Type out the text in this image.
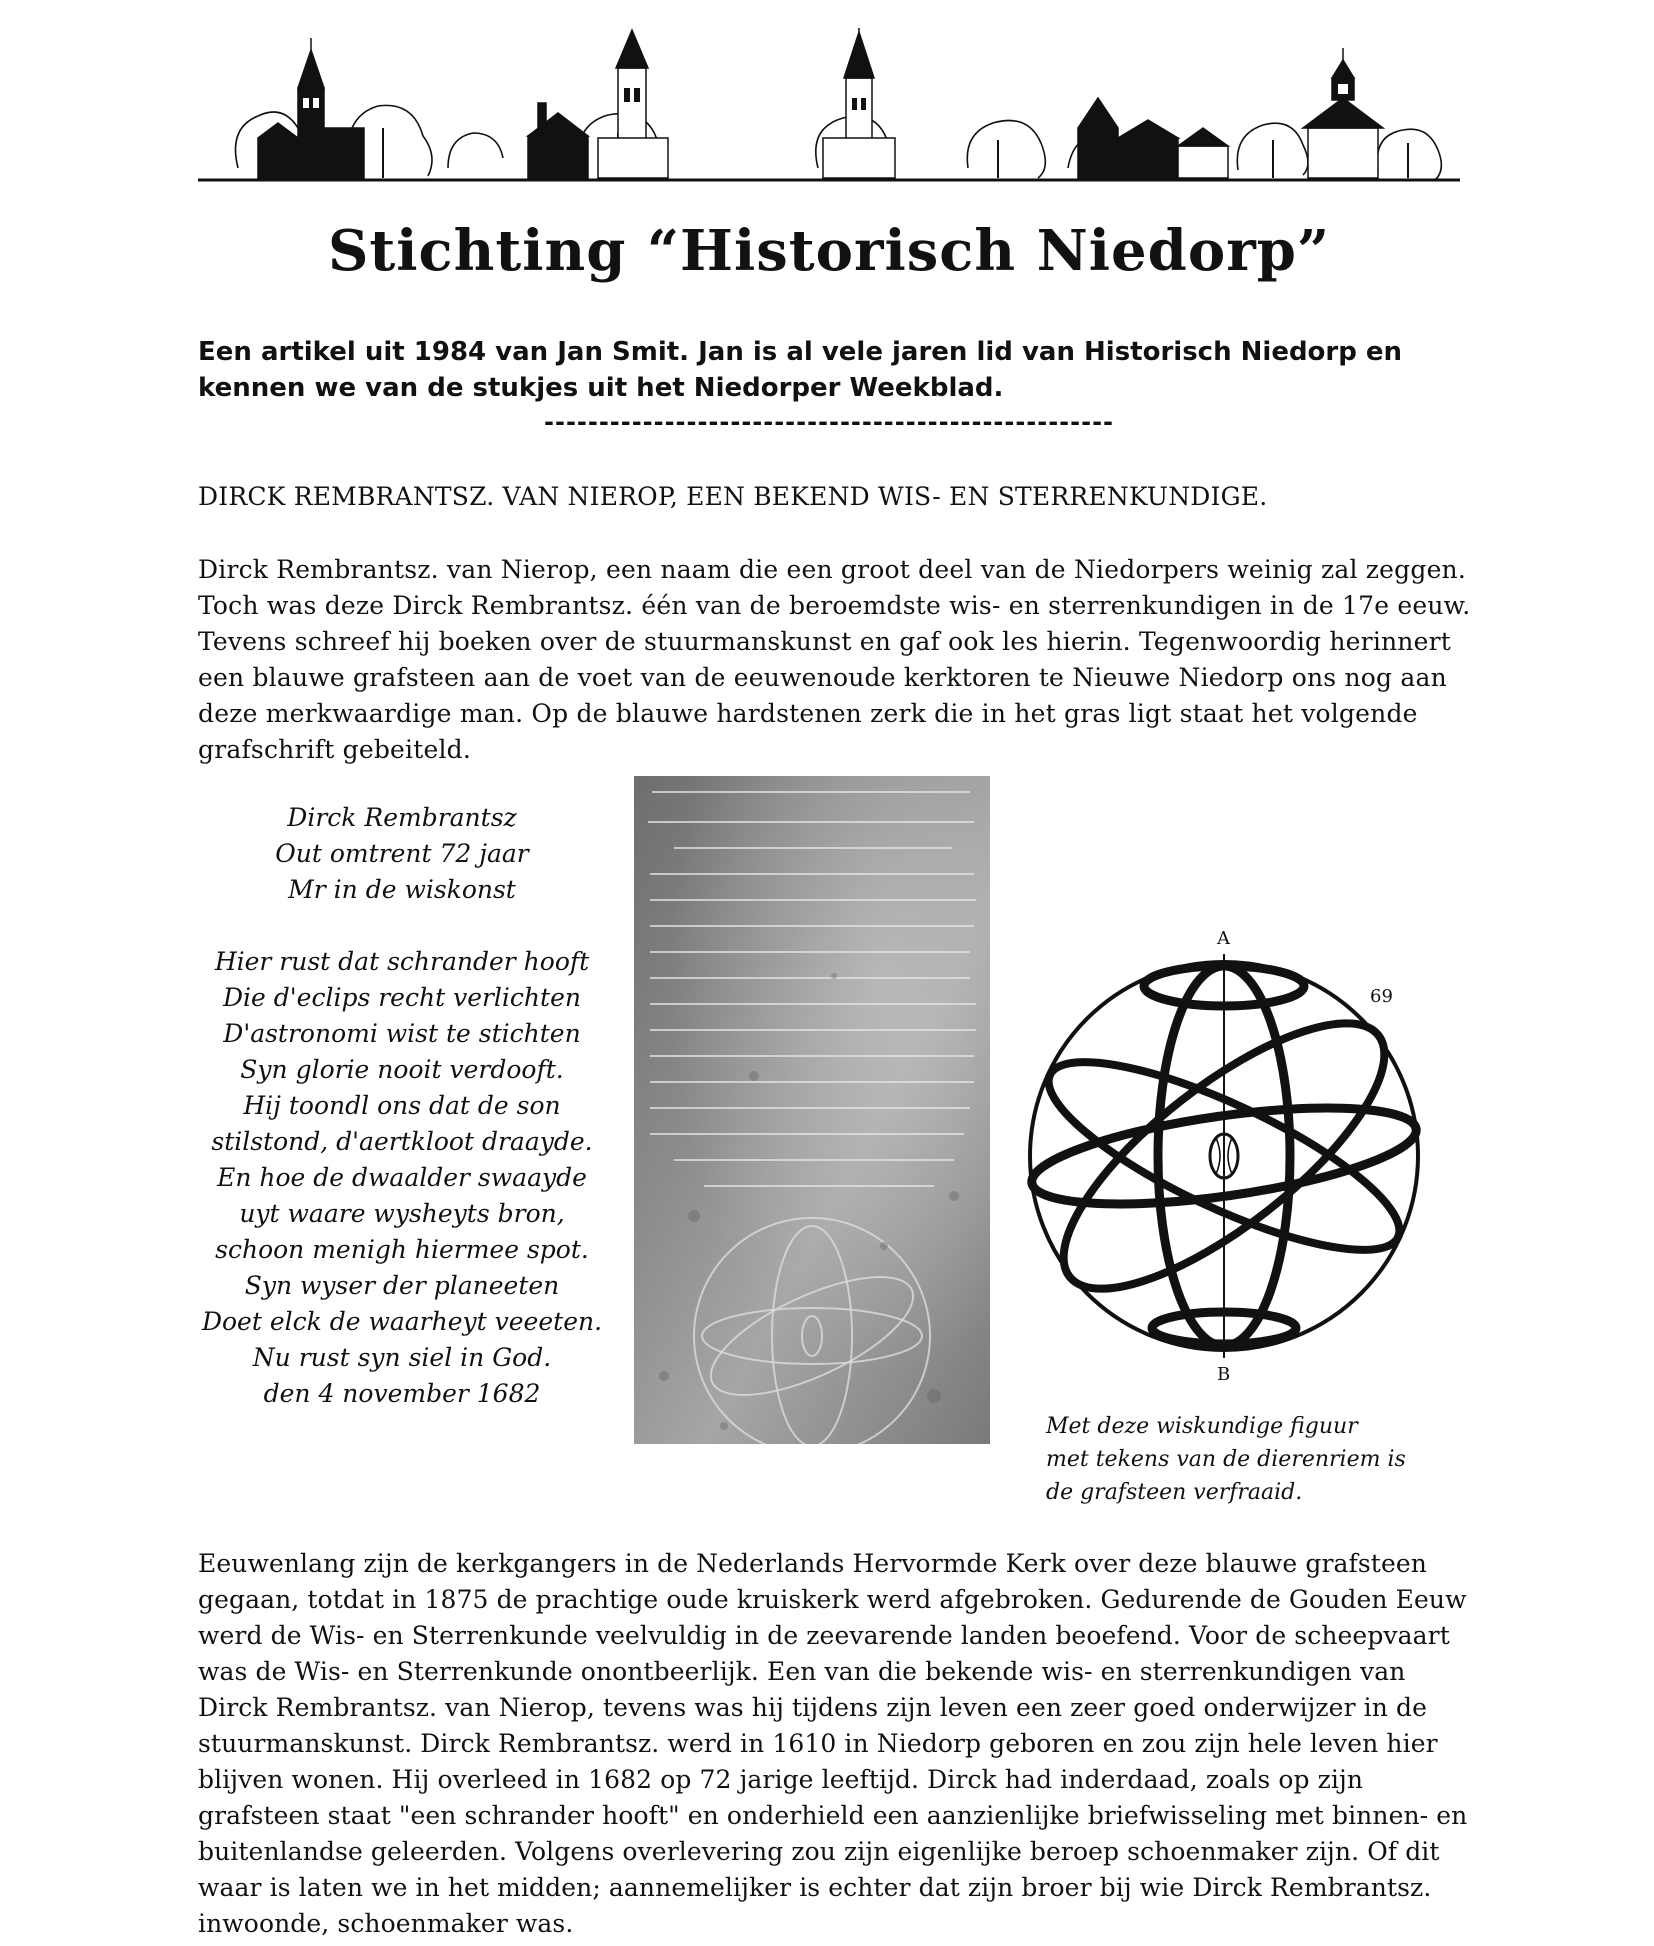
Stichting “Historisch Niedorp”
Een artikel uit 1984 van Jan Smit. Jan is al vele jaren lid van Historisch Niedorp en kennen we van de stukjes uit het Niedorper Weekblad.
----------------------------------------------------
DIRCK REMBRANTSZ. VAN NIEROP, EEN BEKEND WIS- EN STERRENKUNDIGE.

Dirck Rembrantsz. van Nierop, een naam die een groot deel van de Niedorpers weinig zal zeggen. Toch was deze Dirck Rembrantsz. één van de beroemdste wis- en sterrenkundigen in de 17e eeuw. Tevens schreef hij boeken over de stuurmanskunst en gaf ook les hierin. Tegenwoordig herinnert een blauwe grafsteen aan de voet van de eeuwenoude kerktoren te Nieuwe Niedorp ons nog aan deze merkwaardige man. Op de blauwe hardstenen zerk die in het gras ligt staat het volgende grafschrift gebeiteld.

Dirck Rembrantsz
Out omtrent 72 jaar
Mr in de wiskonst
Hier rust dat schrander hooft
Die d'eclips recht verlichten
D'astronomi wist te stichten
Syn glorie nooit verdooft.
Hij toondl ons dat de son
stilstond, d'aertkloot draayde.
En hoe de dwaalder swaayde
uyt waare wysheyts bron,
schoon menigh hiermee spot.
Syn wyser der planeeten
Doet elck de waarheyt veeeten.
Nu rust syn siel in God.
den 4 november 1682
A
B
69
Met deze wiskundige figuur met tekens van de dierenriem is de grafsteen verfraaid.

Eeuwenlang zijn de kerkgangers in de Nederlands Hervormde Kerk over deze blauwe grafsteen gegaan, totdat in 1875 de prachtige oude kruiskerk werd afgebroken. Gedurende de Gouden Eeuw werd de Wis- en Sterrenkunde veelvuldig in de zeevarende landen beoefend. Voor de scheepvaart was de Wis- en Sterrenkunde onontbeerlijk. Een van die bekende wis- en sterrenkundigen van Dirck Rembrantsz. van Nierop, tevens was hij tijdens zijn leven een zeer goed onderwijzer in de stuurmanskunst. Dirck Rembrantsz. werd in 1610 in Niedorp geboren en zou zijn hele leven hier blijven wonen. Hij overleed in 1682 op 72 jarige leeftijd. Dirck had inderdaad, zoals op zijn grafsteen staat "een schrander hooft" en onderhield een aanzienlijke briefwisseling met binnen- en buitenlandse geleerden. Volgens overlevering zou zijn eigenlijke beroep schoenmaker zijn. Of dit waar is laten we in het midden; aannemelijker is echter dat zijn broer bij wie Dirck Rembrantsz. inwoonde, schoenmaker was.
